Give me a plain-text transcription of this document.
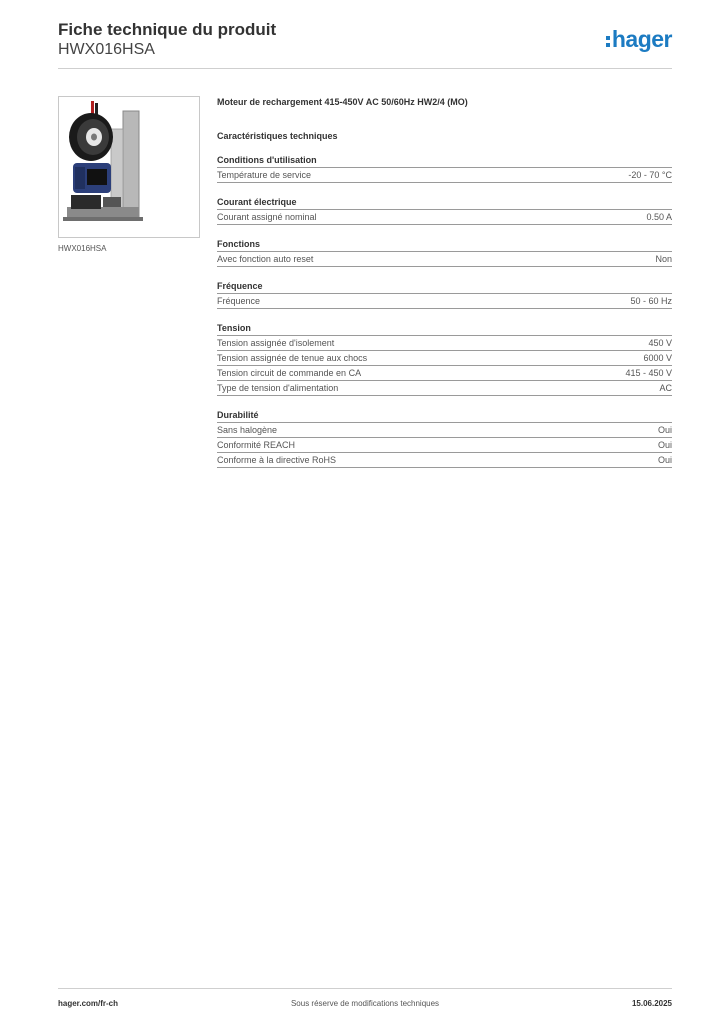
Fiche technique du produit
HWX016HSA	hager
HWX016HSA
Moteur de rechargement 415-450V AC 50/60Hz HW2/4 (MO)
Caractéristiques techniques
Conditions d'utilisation
Température de service	-20 - 70 °C
Courant électrique
Courant assigné nominal	0.50 A
Fonctions
Avec fonction auto reset	Non
Fréquence
Fréquence	50 - 60 Hz
Tension
Tension assignée d'isolement	450 V
Tension assignée de tenue aux chocs	6000 V
Tension circuit de commande en CA	415 - 450 V
Type de tension d'alimentation	AC
Durabilité
Sans halogène	Oui
Conformité REACH	Oui
Conforme à la directive RoHS	Oui
hager.com/fr-ch	Sous réserve de modifications techniques	15.06.2025
